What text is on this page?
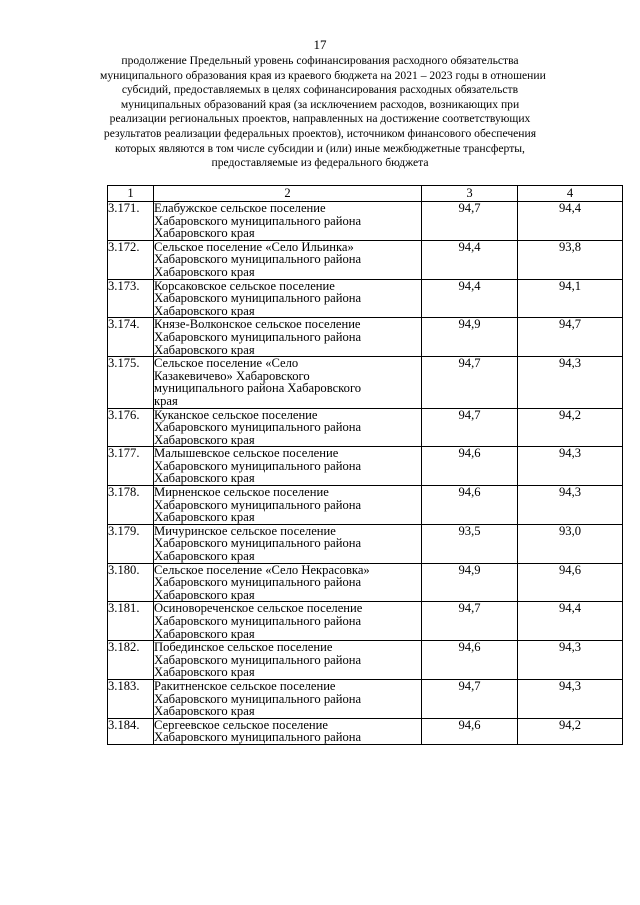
17
продолжение Предельный уровень софинансирования расходного обязательства
муниципального образования края из краевого бюджета на 2021 – 2023 годы в отношении
субсидий, предоставляемых в целях софинансирования расходных обязательств
муниципальных образований края (за исключением расходов, возникающих при
реализации региональных проектов, направленных на достижение соответствующих
результатов реализации федеральных проектов), источником финансового обеспечения
которых являются в том числе субсидии и (или) иные межбюджетные трансферты,
предоставляемые из федерального бюджета
1	2	3	4
3.171.	Елабужское сельское поселение
Хабаровского муниципального района
Хабаровского края	94,7	94,4
3.172.	Сельское поселение «Село Ильинка»
Хабаровского муниципального района
Хабаровского края	94,4	93,8
3.173.	Корсаковское сельское поселение
Хабаровского муниципального района
Хабаровского края	94,4	94,1
3.174.	Князе-Волконское сельское поселение
Хабаровского муниципального района
Хабаровского края	94,9	94,7
3.175.	Сельское поселение «Село
Казакевичево» Хабаровского
муниципального района Хабаровского
края	94,7	94,3
3.176.	Куканское сельское поселение
Хабаровского муниципального района
Хабаровского края	94,7	94,2
3.177.	Малышевское сельское поселение
Хабаровского муниципального района
Хабаровского края	94,6	94,3
3.178.	Мирненское сельское поселение
Хабаровского муниципального района
Хабаровского края	94,6	94,3
3.179.	Мичуринское сельское поселение
Хабаровского муниципального района
Хабаровского края	93,5	93,0
3.180.	Сельское поселение «Село Некрасовка»
Хабаровского муниципального района
Хабаровского края	94,9	94,6
3.181.	Осиновореченское сельское поселение
Хабаровского муниципального района
Хабаровского края	94,7	94,4
3.182.	Побединское сельское поселение
Хабаровского муниципального района
Хабаровского края	94,6	94,3
3.183.	Ракитненское сельское поселение
Хабаровского муниципального района
Хабаровского края	94,7	94,3
3.184.	Сергеевское сельское поселение
Хабаровского муниципального района	94,6	94,2
